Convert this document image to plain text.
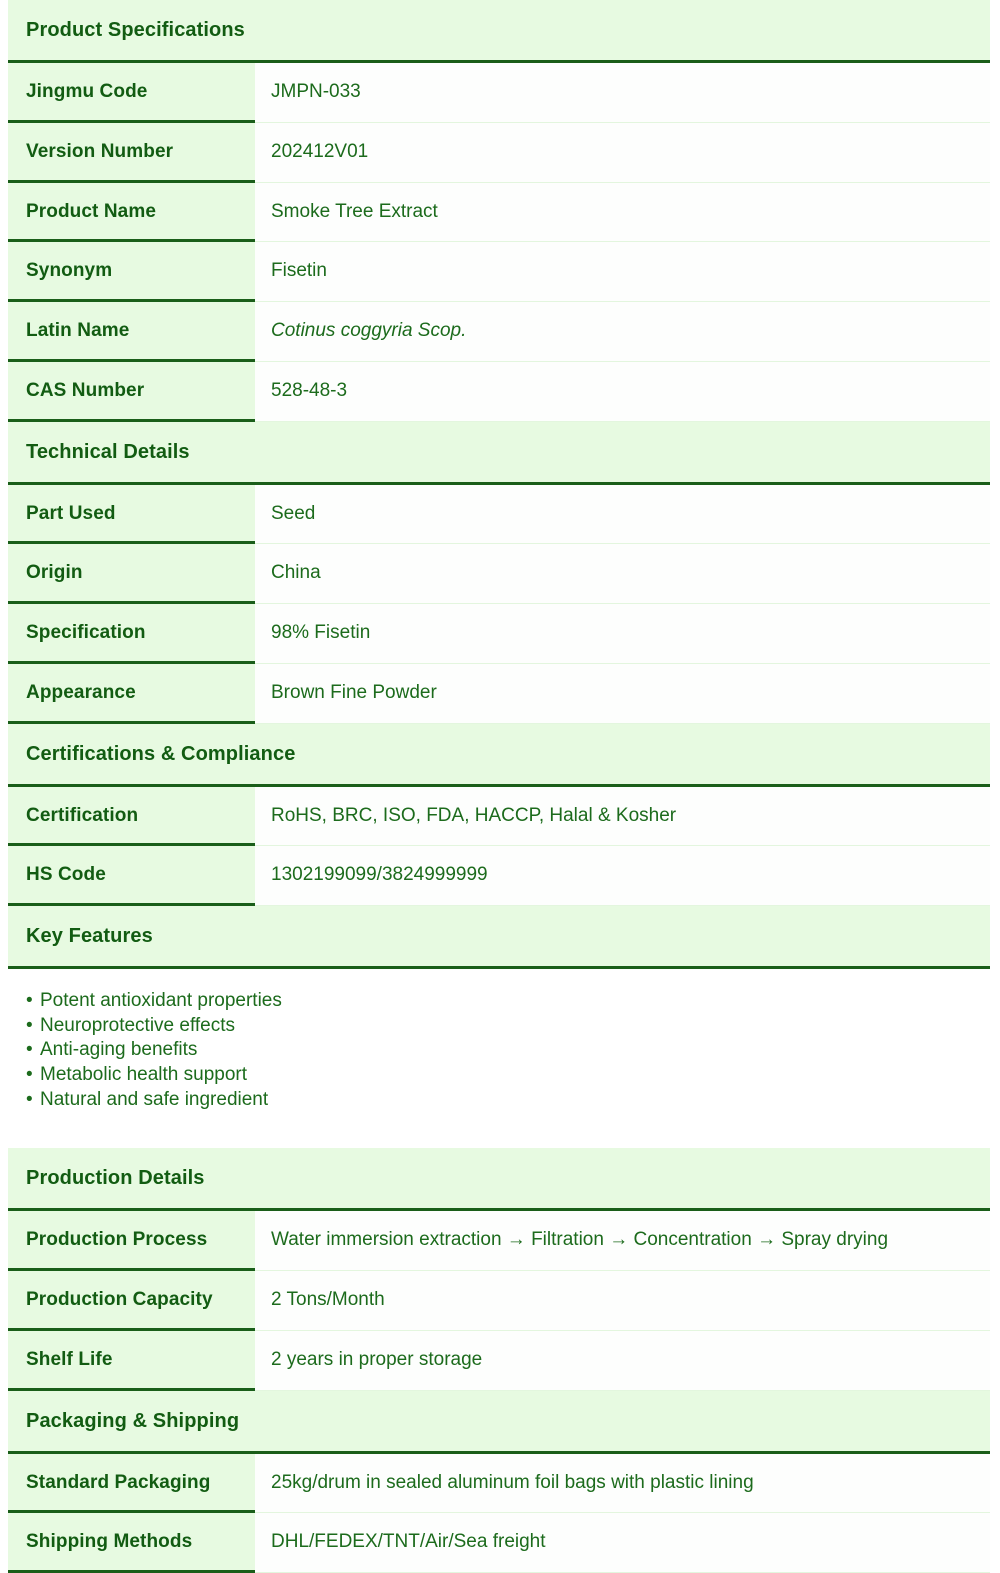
Product Specifications
Jingmu Code	JMPN-033
Version Number	202412V01
Product Name	Smoke Tree Extract
Synonym	Fisetin
Latin Name	Cotinus coggyria Scop.
CAS Number	528-48-3
Technical Details
Part Used	Seed
Origin	China
Specification	98% Fisetin
Appearance	Brown Fine Powder
Certifications & Compliance
Certification	RoHS, BRC, ISO, FDA, HACCP, Halal & Kosher
HS Code	1302199099/3824999999
Key Features
• Potent antioxidant properties
• Neuroprotective effects
• Anti-aging benefits
• Metabolic health support
• Natural and safe ingredient
Production Details
Production Process	Water immersion extraction → Filtration → Concentration → Spray drying
Production Capacity	2 Tons/Month
Shelf Life	2 years in proper storage
Packaging & Shipping
Standard Packaging	25kg/drum in sealed aluminum foil bags with plastic lining
Shipping Methods	DHL/FEDEX/TNT/Air/Sea freight
